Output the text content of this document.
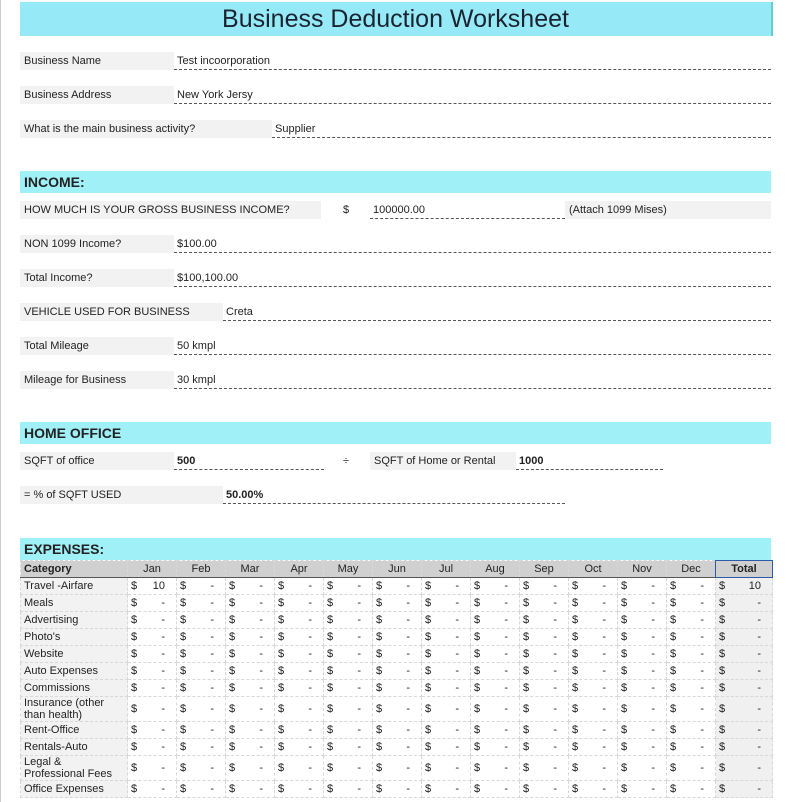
Business Deduction Worksheet
Business Name	Test incoorporation
Business Address	New York Jersy
What is the main business activity?	Supplier
INCOME:
HOW MUCH IS YOUR GROSS BUSINESS INCOME?	$ 100000.00	(Attach 1099 Mises)
NON 1099 Income?	$100.00
Total Income?	$100,100.00
VEHICLE USED FOR BUSINESS	Creta
Total Mileage	50 kmpl
Mileage for Business	30 kmpl
HOME OFFICE
SQFT of office	500	÷	SQFT of Home or Rental	1000
= % of SQFT USED	50.00%
EXPENSES:
Category	Jan	Feb	Mar	Apr	May	Jun	Jul	Aug	Sep	Oct	Nov	Dec	Total
Travel -Airfare	$ 10	$ -	$ -	$ -	$ -	$ -	$ -	$ -	$ -	$ -	$ -	$ -	$ 10

Meals	$ -	$ -	$ -	$ -	$ -	$ -	$ -	$ -	$ -	$ -	$ -	$ -	$ -

Advertising	$ -	$ -	$ -	$ -	$ -	$ -	$ -	$ -	$ -	$ -	$ -	$ -	$ -

Photo's	$ -	$ -	$ -	$ -	$ -	$ -	$ -	$ -	$ -	$ -	$ -	$ -	$ -

Website	$ -	$ -	$ -	$ -	$ -	$ -	$ -	$ -	$ -	$ -	$ -	$ -	$ -

Auto Expenses	$ -	$ -	$ -	$ -	$ -	$ -	$ -	$ -	$ -	$ -	$ -	$ -	$ -

Commissions	$ -	$ -	$ -	$ -	$ -	$ -	$ -	$ -	$ -	$ -	$ -	$ -	$ -

Insurance (other than health)	$ -	$ -	$ -	$ -	$ -	$ -	$ -	$ -	$ -	$ -	$ -	$ -	$ -

Rent-Office	$ -	$ -	$ -	$ -	$ -	$ -	$ -	$ -	$ -	$ -	$ -	$ -	$ -

Rentals-Auto	$ -	$ -	$ -	$ -	$ -	$ -	$ -	$ -	$ -	$ -	$ -	$ -	$ -

Legal & Professional Fees	$ -	$ -	$ -	$ -	$ -	$ -	$ -	$ -	$ -	$ -	$ -	$ -	$ -

Office Expenses	$ -	$ -	$ -	$ -	$ -	$ -	$ -	$ -	$ -	$ -	$ -	$ -	$ -
